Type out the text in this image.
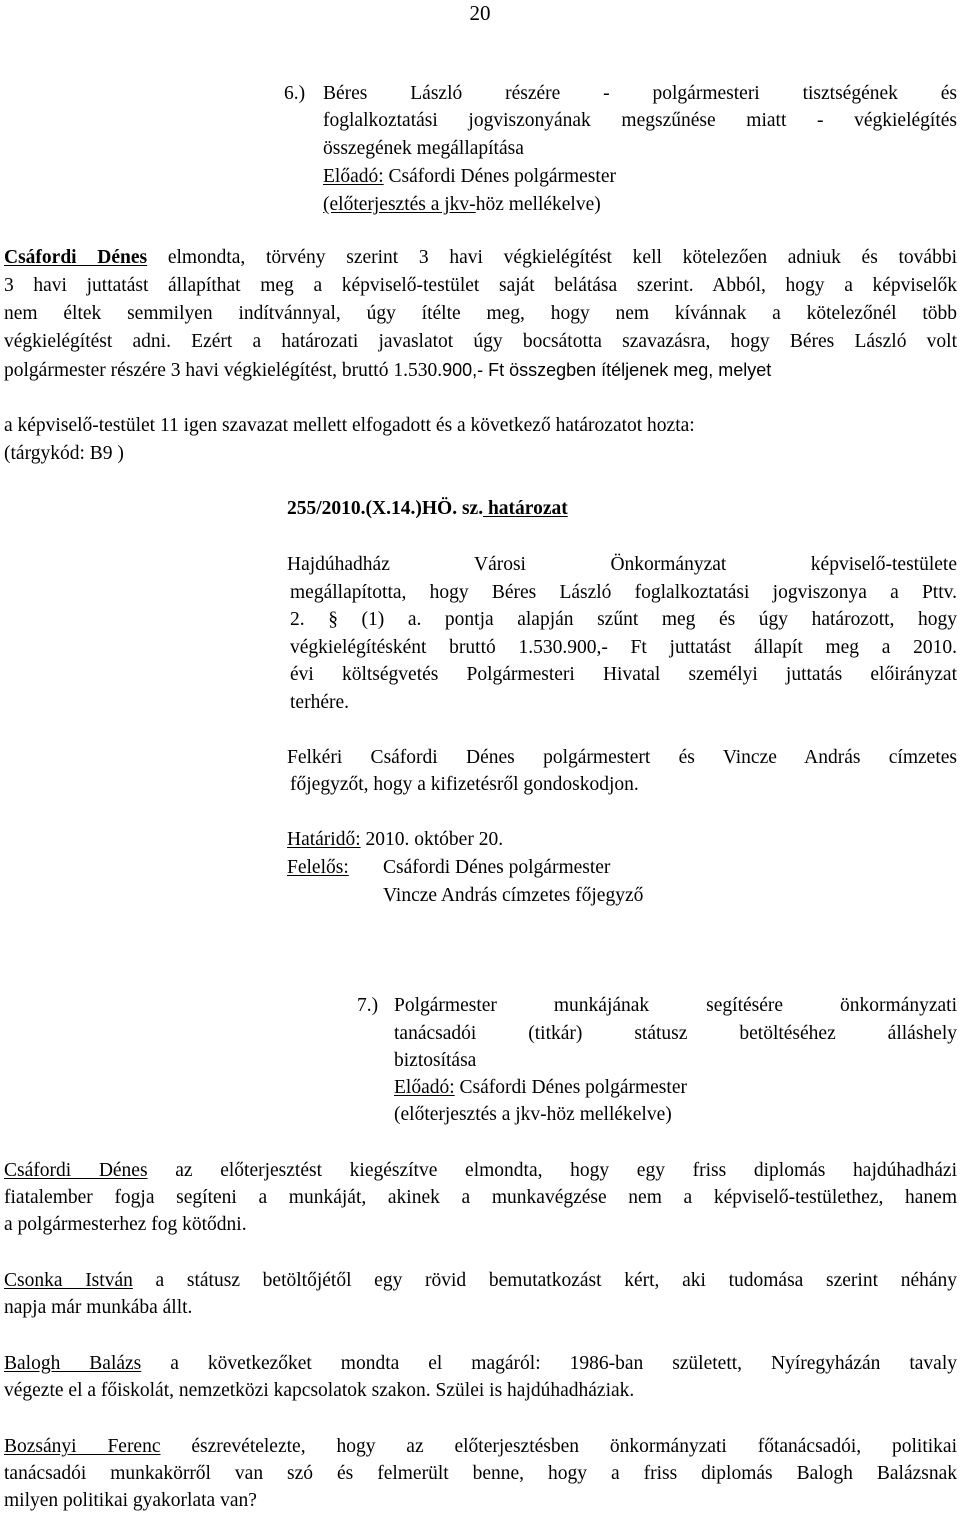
20
6.) Béres László részére - polgármesteri tisztségének és
foglalkoztatási jogviszonyának megszűnése miatt - végkielégítés
összegének megállapítása
Előadó: Csáfordi Dénes polgármester
(előterjesztés a jkv-höz mellékelve)
Csáfordi Dénes elmondta, törvény szerint 3 havi végkielégítést kell kötelezően adniuk és további
3 havi juttatást állapíthat meg a képviselő-testület saját belátása szerint. Abból, hogy a képviselők
nem éltek semmilyen indítvánnyal, úgy ítélte meg, hogy nem kívánnak a kötelezőnél több
végkielégítést adni. Ezért a határozati javaslatot úgy bocsátotta szavazásra, hogy Béres László volt
polgármester részére 3 havi végkielégítést, bruttó 1.530.900,- Ft összegben ítéljenek meg, melyet
a képviselő-testület 11 igen szavazat mellett elfogadott és a következő határozatot hozta:
(tárgykód: B9 )
255/2010.(X.14.)HÖ. sz. határozat
Hajdúhadház Városi Önkormányzat képviselő-testülete
megállapította, hogy Béres László foglalkoztatási jogviszonya a Pttv.
2. § (1) a. pontja alapján szűnt meg és úgy határozott, hogy
végkielégítésként bruttó 1.530.900,- Ft juttatást állapít meg a 2010.
évi költségvetés Polgármesteri Hivatal személyi juttatás előirányzat
terhére.
Felkéri Csáfordi Dénes polgármestert és Vincze András címzetes
főjegyzőt, hogy a kifizetésről gondoskodjon.
Határidő: 2010. október 20.
Felelős: Csáfordi Dénes polgármester
Vincze András címzetes főjegyző
7.) Polgármester munkájának segítésére önkormányzati
tanácsadói (titkár) státusz betöltéséhez álláshely
biztosítása
Előadó: Csáfordi Dénes polgármester
(előterjesztés a jkv-höz mellékelve)
Csáfordi Dénes az előterjesztést kiegészítve elmondta, hogy egy friss diplomás hajdúhadházi
fiatalember fogja segíteni a munkáját, akinek a munkavégzése nem a képviselő-testülethez, hanem
a polgármesterhez fog kötődni.
Csonka István a státusz betöltőjétől egy rövid bemutatkozást kért, aki tudomása szerint néhány
napja már munkába állt.
Balogh Balázs a következőket mondta el magáról: 1986-ban született, Nyíregyházán tavaly
végezte el a főiskolát, nemzetközi kapcsolatok szakon. Szülei is hajdúhadháziak.
Bozsányi Ferenc észrevételezte, hogy az előterjesztésben önkormányzati főtanácsadói, politikai
tanácsadói munkakörről van szó és felmerült benne, hogy a friss diplomás Balogh Balázsnak
milyen politikai gyakorlata van?
